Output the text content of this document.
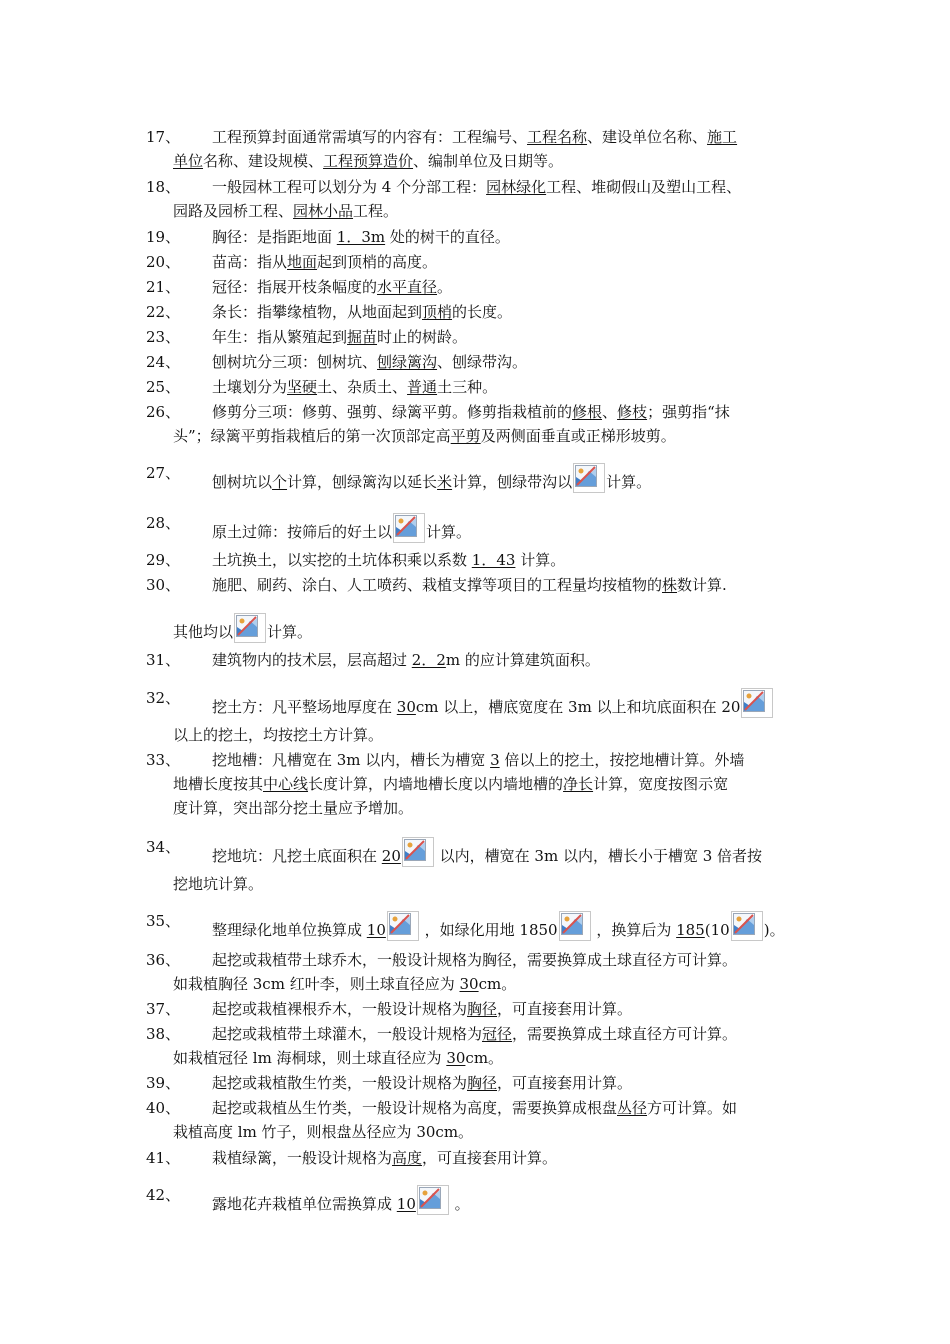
17、 工程预算封面通常需填写的内容有：工程编号、工程名称、建设单位名称、施工
单位名称、建设规模、工程预算造价、编制单位及日期等。
18、 一般园林工程可以划分为 4 个分部工程：园林绿化工程、堆砌假山及塑山工程、
园路及园桥工程、园林小品工程。
19、 胸径：是指距地面 1．3m 处的树干的直径。
20、 苗高：指从地面起到顶梢的高度。
21、 冠径：指展开枝条幅度的水平直径。
22、 条长：指攀缘植物，从地面起到顶梢的长度。
23、 年生：指从繁殖起到掘苗时止的树龄。
24、 刨树坑分三项：刨树坑、刨绿篱沟、刨绿带沟。
25、 土壤划分为坚硬土、杂质土、普通土三种。
26、 修剪分三项：修剪、强剪、绿篱平剪。修剪指栽植前的修根、修枝；强剪指“抹
头”；绿篱平剪指栽植后的第一次顶部定高平剪及两侧面垂直或正梯形坡剪。
27、 刨树坑以个计算，刨绿篱沟以延长米计算，刨绿带沟以 计算。
28、 原土过筛：按筛后的好土以 计算。
29、 土坑换土，以实挖的土坑体积乘以系数 1．43 计算。
30、 施肥、刷药、涂白、人工喷药、栽植支撑等项目的工程量均按植物的株数计算.
其他均以 计算。
31、 建筑物内的技术层，层高超过 2．2m 的应计算建筑面积。
32、 挖土方：凡平整场地厚度在 30cm 以上，槽底宽度在 3m 以上和坑底面积在 20
以上的挖土，均按挖土方计算。
33、 挖地槽：凡槽宽在 3m 以内，槽长为槽宽 3 倍以上的挖土，按挖地槽计算。外墙
地槽长度按其中心线长度计算，内墙地槽长度以内墙地槽的净长计算，宽度按图示宽
度计算，突出部分挖土量应予增加。
34、 挖地坑：凡挖土底面积在 20
以内，槽宽在 3m 以内，槽长小于槽宽 3 倍者按
挖地坑计算。
35、 整理绿化地单位换算成 10
，如绿化用地 1850
，换算后为 185(10 )。
36、 起挖或栽植带土球乔木，一般设计规格为胸径，需要换算成土球直径方可计算。
如栽植胸径 3cm 红叶李，则土球直径应为 30cm。
37、 起挖或栽植裸根乔木，一般设计规格为胸径，可直接套用计算。
38、 起挖或栽植带土球灌木，一般设计规格为冠径，需要换算成土球直径方可计算。
如栽植冠径 lm 海桐球，则土球直径应为 30cm。
39、 起挖或栽植散生竹类，一般设计规格为胸径，可直接套用计算。
40、 起挖或栽植丛生竹类，一般设计规格为高度，需要换算成根盘丛径方可计算。如
栽植高度 lm 竹子，则根盘丛径应为 30cm。
41、 栽植绿篱，一般设计规格为高度，可直接套用计算。
42、 露地花卉栽植单位需换算成 10
。
